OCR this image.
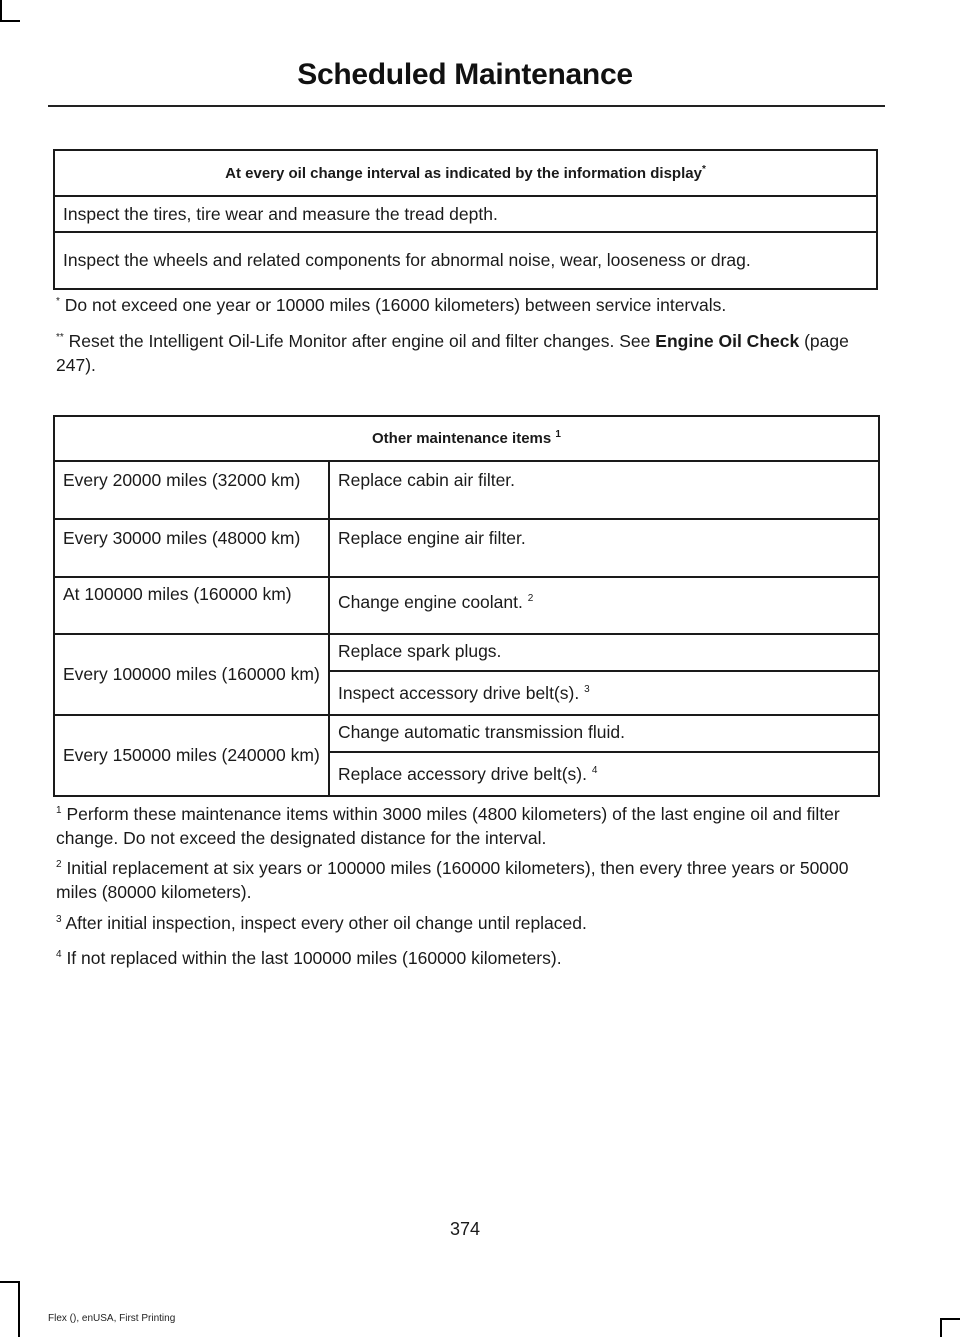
Scheduled Maintenance
At every oil change interval as indicated by the information display*
Inspect the tires, tire wear and measure the tread depth.
Inspect the wheels and related components for abnormal noise, wear, looseness or drag.

* Do not exceed one year or 10000 miles (16000 kilometers) between service intervals.

** Reset the Intelligent Oil-Life Monitor after engine oil and filter changes. See Engine Oil Check (page 247).

Other maintenance items $^1$
Every 20000 miles (32000 km)	Replace cabin air filter.
Every 30000 miles (48000 km)	Replace engine air filter.
At 100000 miles (160000 km)	Change engine coolant. $^2$
Every 100000 miles (160000 km)	Replace spark plugs.
	Inspect accessory drive belt(s). $^3$
Every 150000 miles (240000 km)	Change automatic transmission fluid.
	Replace accessory drive belt(s). $^4$

$^1$ Perform these maintenance items within 3000 miles (4800 kilometers) of the last engine oil and filter change. Do not exceed the designated distance for the interval.

$^2$ Initial replacement at six years or 100000 miles (160000 kilometers), then every three years or 50000 miles (80000 kilometers).

$^3$ After initial inspection, inspect every other oil change until replaced.

$^4$ If not replaced within the last 100000 miles (160000 kilometers).

374
Flex (), enUSA, First Printing
